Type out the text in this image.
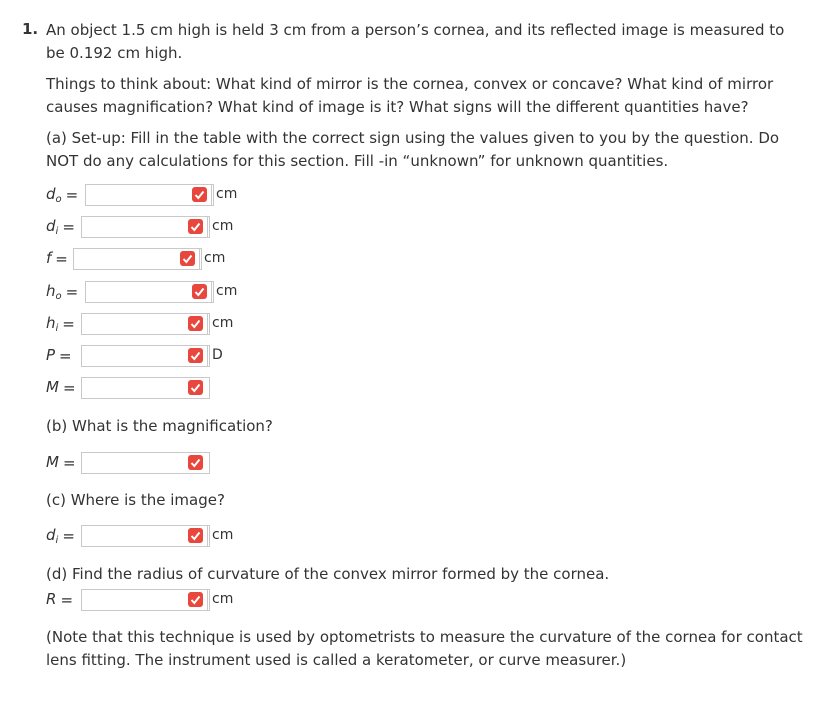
1. An object 1.5 cm high is held 3 cm from a person’s cornea, and its reflected image is measured to be 0.192 cm high.

Things to think about: What kind of mirror is the cornea, convex or concave? What kind of mirror causes magnification? What kind of image is it? What signs will the different quantities have?

(a) Set-up: Fill in the table with the correct sign using the values given to you by the question. Do NOT do any calculations for this section. Fill -in “unknown” for unknown quantities.

$d_o$ =	cm
$d_i$ =	cm
f =	cm
$h_o$ =	cm
$h_i$ =	cm
P =	D
M =

(b) What is the magnification?

M =

(c) Where is the image?

$d_i$ =	cm

(d) Find the radius of curvature of the convex mirror formed by the cornea.

R =	cm

(Note that this technique is used by optometrists to measure the curvature of the cornea for contact lens fitting. The instrument used is called a keratometer, or curve measurer.)
